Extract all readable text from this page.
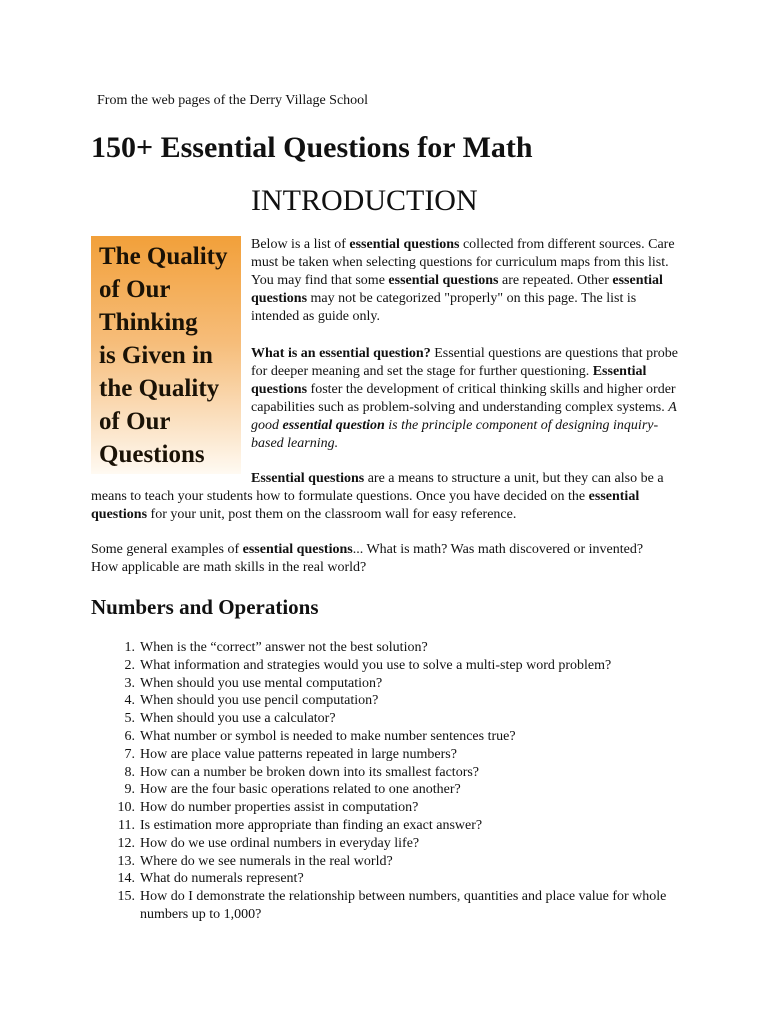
From the web pages of the Derry Village School
150+ Essential Questions for Math
INTRODUCTION
The Quality
of Our
Thinking
is Given in
the Quality
of Our
Questions

Below is a list of essential questions collected from different sources. Care must be taken when selecting questions for curriculum maps from this list. You may find that some essential questions are repeated. Other essential questions may not be categorized "properly" on this page. The list is intended as guide only.

What is an essential question? Essential questions are questions that probe for deeper meaning and set the stage for further questioning. Essential questions foster the development of critical thinking skills and higher order capabilities such as problem-solving and understanding complex systems. A good essential question is the principle component of designing inquiry-based learning.

Essential questions are a means to structure a unit, but they can also be a means to teach your students how to formulate questions. Once you have decided on the essential questions for your unit, post them on the classroom wall for easy reference.

Some general examples of essential questions... What is math? Was math discovered or invented? How applicable are math skills in the real world?

Numbers and Operations
1. When is the “correct” answer not the best solution?
2. What information and strategies would you use to solve a multi-step word problem?
3. When should you use mental computation?
4. When should you use pencil computation?
5. When should you use a calculator?
6. What number or symbol is needed to make number sentences true?
7. How are place value patterns repeated in large numbers?
8. How can a number be broken down into its smallest factors?
9. How are the four basic operations related to one another?
10. How do number properties assist in computation?
11. Is estimation more appropriate than finding an exact answer?
12. How do we use ordinal numbers in everyday life?
13. Where do we see numerals in the real world?
14. What do numerals represent?
15. How do I demonstrate the relationship between numbers, quantities and place value for whole numbers up to 1,000?
